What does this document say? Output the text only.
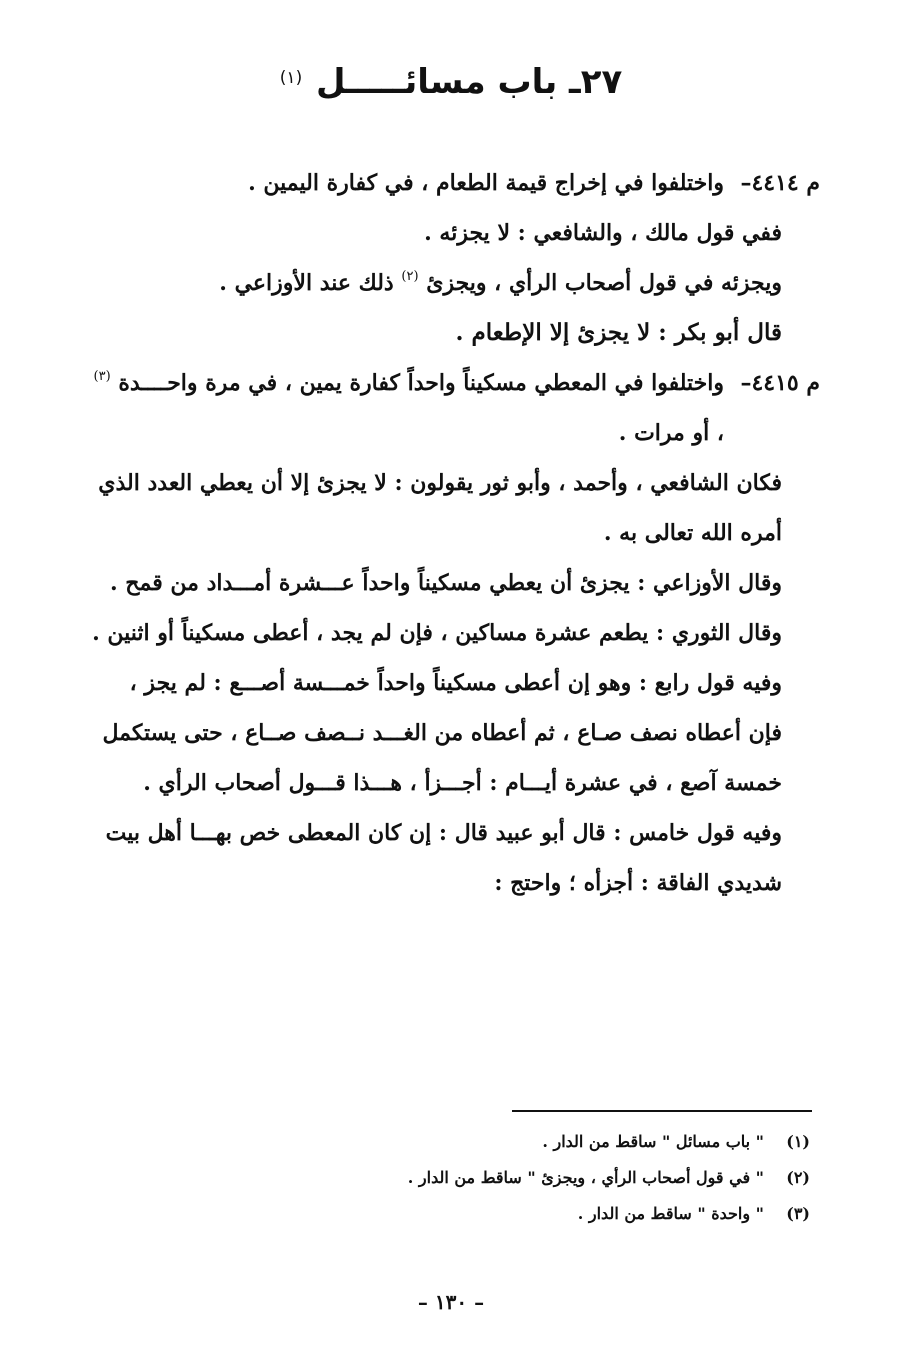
٢٧ـ باب مسائـــــل $^{(١)}$

م ٤٤١٤–واختلفوا في إخراج قيمة الطعام ، في كفارة اليمين .

ففي قول مالك ، والشافعي : لا يجزئه .

ويجزئه في قول أصحاب الرأي ، ويجزئ $^{(٢)}$ ذلك عند الأوزاعي .

قال أبو بكر : لا يجزئ إلا الإطعام .

م ٤٤١٥–واختلفوا في المعطي مسكيناً واحداً كفارة يمين ، في مرة واحــــدة $^{(٣)}$ ، أو مرات .

فكان الشافعي ، وأحمد ، وأبو ثور يقولون : لا يجزئ إلا أن يعطي العدد الذي أمره الله تعالى به .

وقال الأوزاعي : يجزئ أن يعطي مسكيناً واحداً عـــشرة أمـــداد من قمح .

وقال الثوري : يطعم عشرة مساكين ، فإن لم يجد ، أعطى مسكيناً أو اثنين .

وفيه قول رابع : وهو إن أعطى مسكيناً واحداً خمـــسة أصـــع : لم يجز ، فإن أعطاه نصف صـاع ، ثم أعطاه من الغـــد نــصف صــاع ، حتى يستكمل خمسة آصع ، في عشرة أيـــام : أجـــزأ ، هـــذا قـــول أصحاب الرأي .

وفيه قول خامس : قال أبو عبيد قال : إن كان المعطى خص بهـــا أهل بيت شديدي الفاقة : أجزأه ؛ واحتج :

(١)" باب مسائل " ساقط من الدار .

(٢)" في قول أصحاب الرأي ، ويجزئ " ساقط من الدار .

(٣)" واحدة " ساقط من الدار .

– ١٣٠ –
